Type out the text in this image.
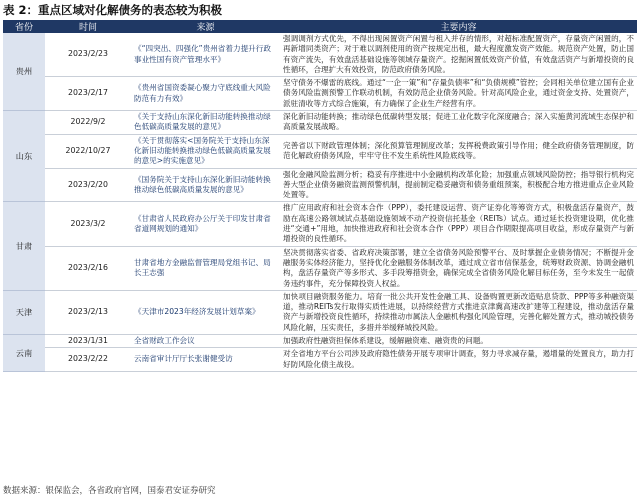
表 2：重点区域对化解债务的表态较为积极
省份	时间	来源	主要内容
贵州	2023/2/23	《“四突出、四强化”贵州省着力提升行政事业性国有资产管理水平》	强调调剂方式优先，不得出现闲置资产闲置与租入并存的情形，对超标准配置资产，存量资产闲置的，不再新增同类资产；对于难以调剂使用的资产按规定出租，最大程度激发资产效能。规范资产处置，防止国有资产流失，有效盘活基础设施等领域存量资产。挖掘闲置低效资产价值，有效盘活资产与新增投资的良性循环，合理扩大有效投资，防范政府债务风险。
	2023/2/17	《贵州省国资委凝心聚力守底线重大风险防范有力有效》	坚守债务不爆雷的底线。通过“一企一策”和“存量负债率”和“负债规模”管控；会同相关单位建立国有企业债务风险监测预警工作联动机制，有效防范企业债务风险。针对高风险企业，通过资金支持、处置资产，派驻清收等方式综合施策，有力确保了企业生产经营有序。
山东	2022/9/2	《关于支持山东深化新旧动能转换推动绿色低碳高质量发展的意见》	深化新旧动能转换；推动绿色低碳转型发展；促进工业化数字化深度融合；深入实施黄河流域生态保护和高质量发展战略。
	2022/10/27	《关于贯彻落实<国务院关于支持山东深化新旧动能转换推动绿色低碳高质量发展的意见>的实施意见》	完善省以下财政管理体制；深化预算管理制度改革；发挥税费政策引导作用；健全政府债务管理制度，防范化解政府债务风险，牢牢守住不发生系统性风险底线等。
	2023/2/20	《国务院关于支持山东深化新旧动能转换推动绿色低碳高质量发展的意见》	强化金融风险监测分析；稳妥有序推进中小金融机构改革化险；加强重点领域风险防控；指导银行机构完善大型企业债务融资监测预警机制，提前制定稳妥融资和债务重组预案，积极配合地方推进重点企业风险处置等。
甘肃	2023/3/2	《甘肃省人民政府办公厅关于印发甘肃省省道网规划的通知》	推广应用政府和社会资本合作（PPP），委托建设运营、资产证券化等筹资方式，积极盘活存量资产，鼓励在高速公路领域试点基础设施领域不动产投资信托基金（REITs）试点。通过延长投资建设期，优化推进“交通+”用地，加快推进政府和社会资本合作（PPP）项目合作期限提高项目收益，形成存量资产与新增投资的良性循环。
	2023/2/16	甘肃省地方金融监督管理局党组书记、局长王志强	坚决贯彻落实省委、省政府决策部署，建立全省债务风险预警平台、及时掌握企业债务情况；不断提升金融服务实体经济能力，坚持优化金融服务体制改革，通过成立省市信保基金，统筹财政资源、协调金融机构，盘活存量资产等多形式、多手段筹措资金，确保完成全省债务风险化解目标任务，至今未发生一起债务违约事件，充分保障投资人权益。
天津	2023/2/13	《天津市2023年经济发展计划草案》	加快项目融资服务能力。培育一批公共开发性金融工具、设备购置更新改造贴息贷款、PPP等多种融资渠道，推动REITs发行取得实质性进展，以持续经营方式推进京津冀高速改扩建等工程建设，推动盘活存量资产与新增投资良性循环，持续推动市属法人金融机构强化风险管理，完善化解处置方式，推动城投债务风险化解，压实责任，多措并举缓释城投风险。
云南	2023/1/31	全省财政工作会议	加强政府性融资担保体系建设，缓解融资难、融资贵的问题。
	2023/2/22	云南省审计厅厅长张谢健受访	对全省地方平台公司涉及政府隐性债务开展专项审计调查，努力寻求减存量，遏增量的处置良方，助力打好防风险化债主战役。
数据来源：银保监会，各省政府官网，国泰君安证券研究
